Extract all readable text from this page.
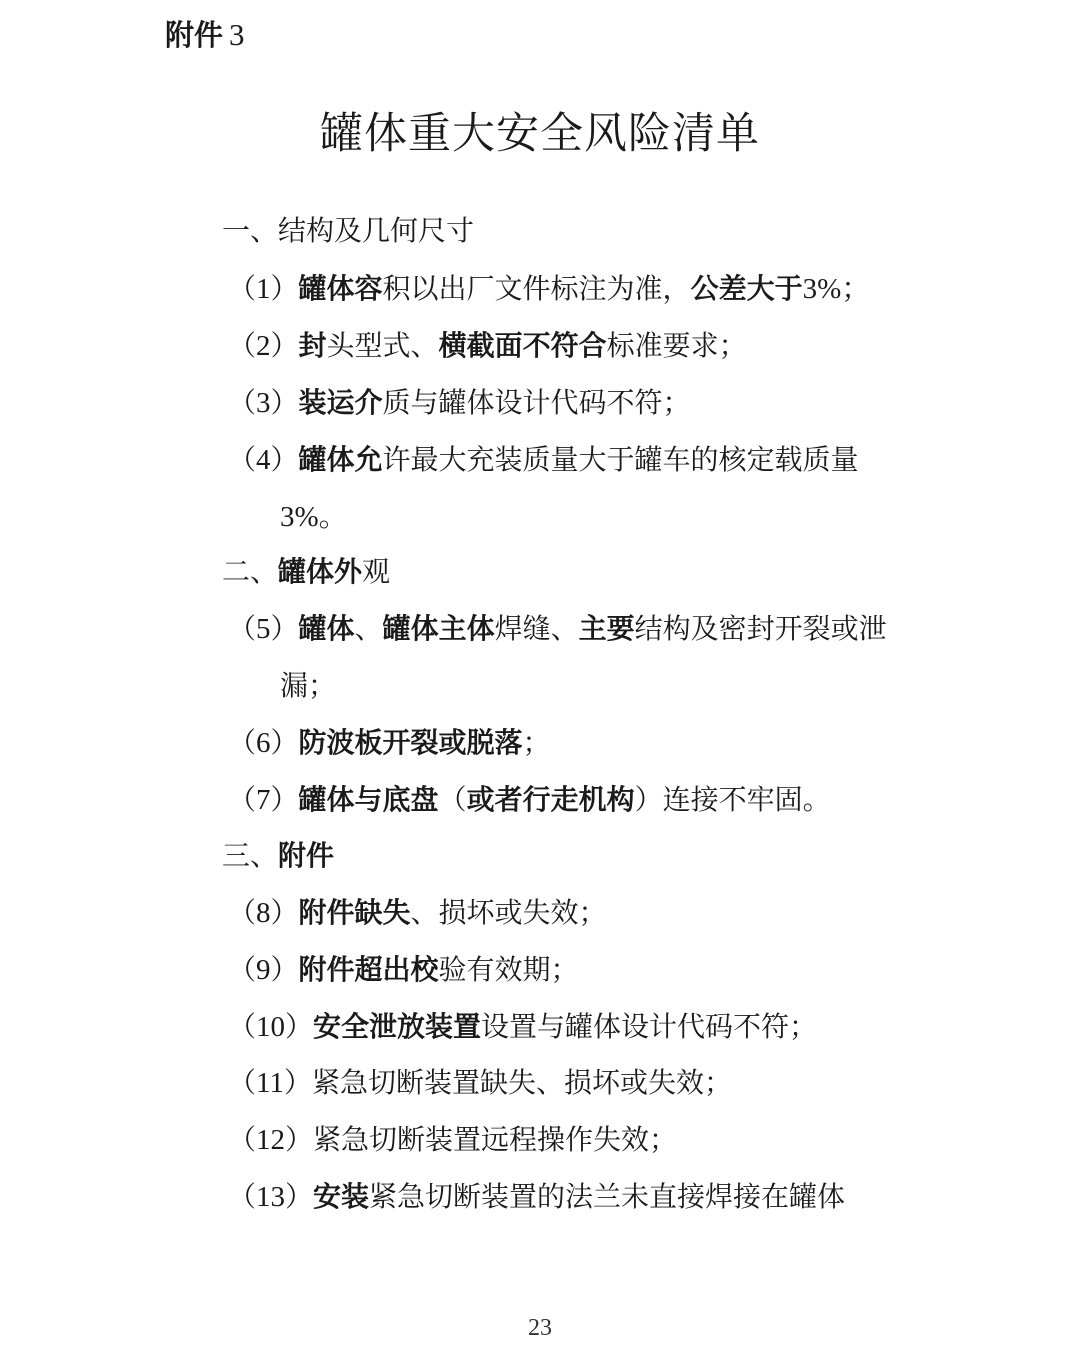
附件 3
罐体重大安全风险清单
一、结构及几何尺寸
（1）罐体容积以出厂文件标注为准，公差大于3%；
（2）封头型式、横截面不符合标准要求；
（3）装运介质与罐体设计代码不符；
（4）罐体允许最大充装质量大于罐车的核定载质量
3%。
二、罐体外观
（5）罐体、罐体主体焊缝、主要结构及密封开裂或泄
漏；
（6）防波板开裂或脱落；
（7）罐体与底盘（或者行走机构）连接不牢固。
三、附件
（8）附件缺失、损坏或失效；
（9）附件超出校验有效期；
（10）安全泄放装置设置与罐体设计代码不符；
（11）紧急切断装置缺失、损坏或失效；
（12）紧急切断装置远程操作失效；
（13）安装紧急切断装置的法兰未直接焊接在罐体
23
